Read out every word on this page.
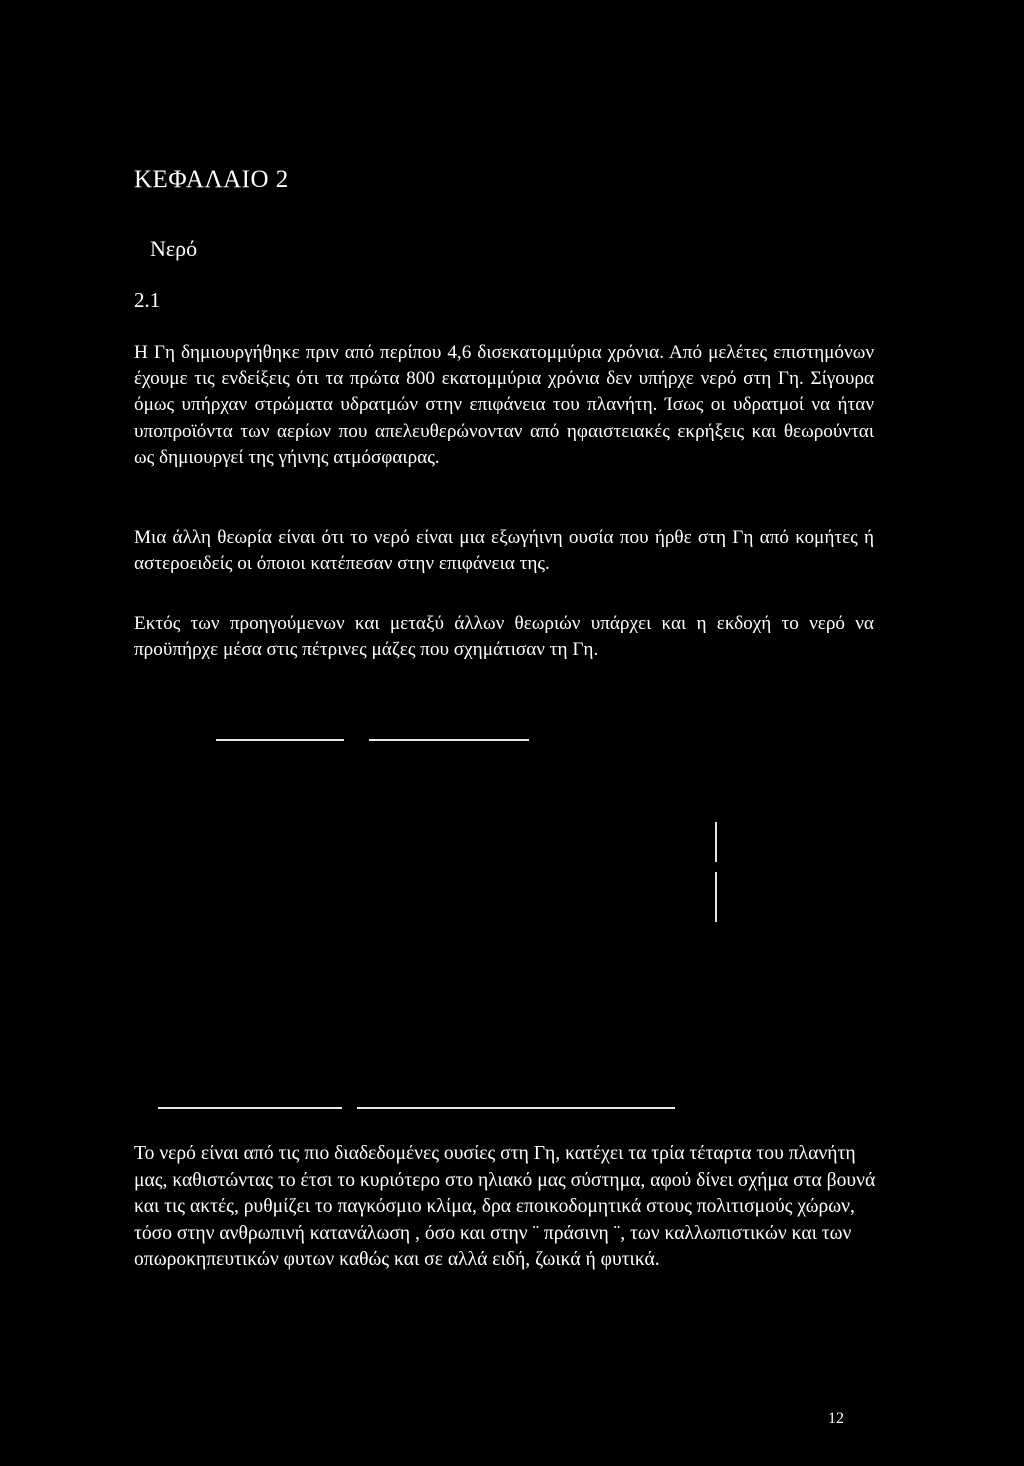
ΚΕΦΑΛΑΙΟ 2
Νερό
2.1
Η Γη δημιουργήθηκε πριν από περίπου 4,6 δισεκατομμύρια χρόνια. Από μελέτες επιστημόνων έχουμε τις ενδείξεις ότι τα πρώτα 800 εκατομμύρια χρόνια δεν υπήρχε νερό στη Γη. Σίγουρα όμως υπήρχαν στρώματα υδρατμών στην επιφάνεια του πλανήτη. Ίσως οι υδρατμοί να ήταν υποπροϊόντα των αερίων που απελευθερώνονταν από ηφαιστειακές εκρήξεις και θεωρούνται ως δημιουργεί της γήινης ατμόσφαιρας.
Μια άλλη θεωρία είναι ότι το νερό είναι μια εξωγήινη ουσία που ήρθε στη Γη από κομήτες ή αστεροειδείς οι όποιοι κατέπεσαν στην επιφάνεια της.
Εκτός των προηγούμενων και μεταξύ άλλων θεωριών υπάρχει και η εκδοχή το νερό να προϋπήρχε μέσα στις πέτρινες μάζες που σχημάτισαν τη Γη.
Το νερό είναι από τις πιο διαδεδομένες ουσίες στη Γη, κατέχει τα τρία τέταρτα του πλανήτη μας, καθιστώντας το έτσι το κυριότερο στο ηλιακό μας σύστημα, αφού δίνει σχήμα στα βουνά και τις ακτές, ρυθμίζει το παγκόσμιο κλίμα, δρα εποικοδομητικά στους πολιτισμούς χώρων, τόσο στην ανθρωπινή κατανάλωση , όσο και στην ¨ πράσινη ¨, των καλλωπιστικών και των οπωροκηπευτικών φυτων καθώς και σε αλλά ειδή, ζωικά ή φυτικά.
12
